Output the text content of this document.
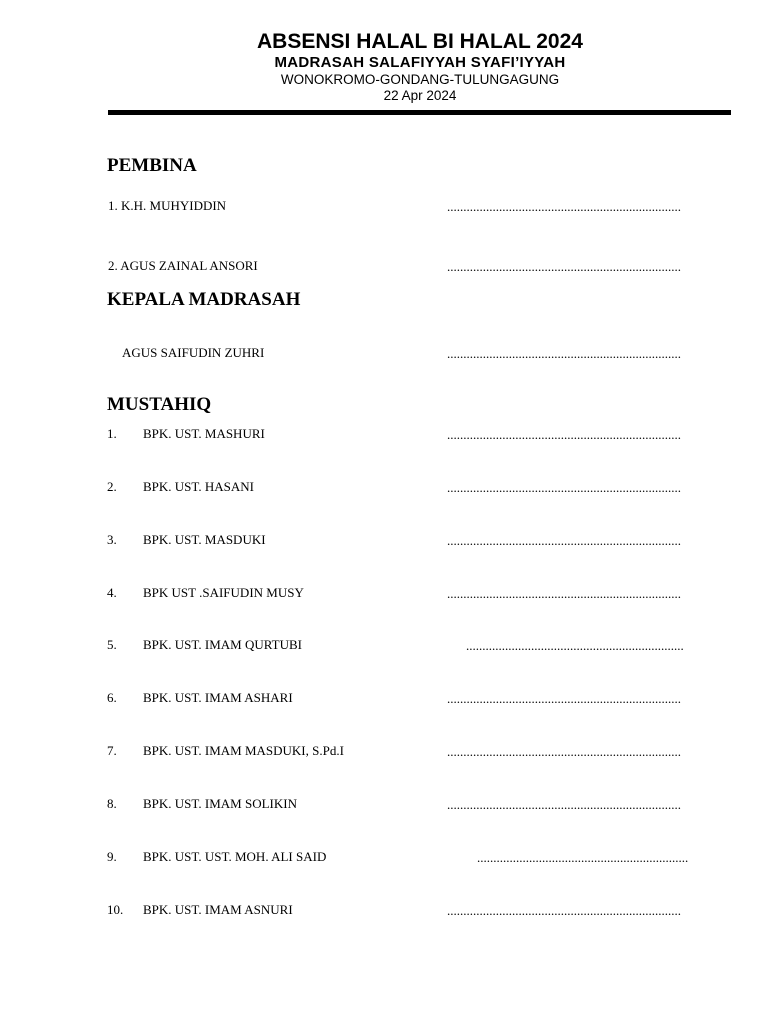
ABSENSI HALAL BI HALAL 2024
MADRASAH SALAFIYYAH SYAFI’IYYAH
WONOKROMO-GONDANG-TULUNGAGUNG
22 Apr 2024
PEMBINA
1. K.H. MUHYIDDIN	........................................................................
2. AGUS ZAINAL ANSORI	........................................................................
KEPALA MADRASAH
AGUS SAIFUDIN ZUHRI	........................................................................
MUSTAHIQ
1. BPK. UST. MASHURI	........................................................................
2. BPK. UST. HASANI	........................................................................
3. BPK. UST. MASDUKI	........................................................................
4. BPK UST .SAIFUDIN MUSY	........................................................................
5. BPK. UST. IMAM QURTUBI	...................................................................
6. BPK. UST. IMAM ASHARI	........................................................................
7. BPK. UST. IMAM MASDUKI, S.Pd.I	........................................................................
8. BPK. UST. IMAM SOLIKIN	........................................................................
9. BPK. UST. UST. MOH. ALI SAID	.................................................................
10. BPK. UST. IMAM ASNURI	........................................................................
